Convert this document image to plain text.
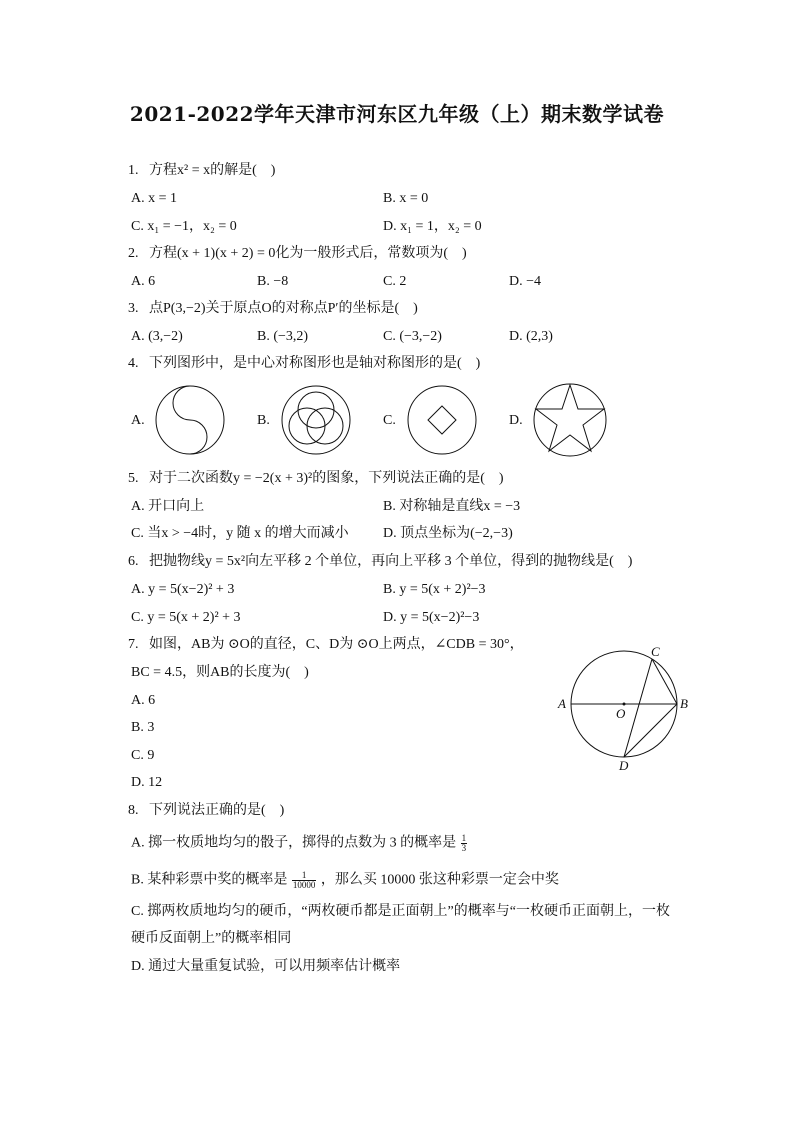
2021-2022学年天津市河东区九年级（上）期末数学试卷
1. 方程x² = x的解是(　)
A. x = 1	B. x = 0
C. x₁ = −1，x₂ = 0	D. x₁ = 1，x₂ = 0
2. 方程(x + 1)(x + 2) = 0化为一般形式后，常数项为(　)
A. 6	B. −8	C. 2	D. −4
3. 点P(3,−2)关于原点O的对称点P′的坐标是(　)
A. (3,−2)	B. (−3,2)	C. (−3,−2)	D. (2,3)
4. 下列图形中，是中心对称图形也是轴对称图形的是(　)
A.	B.	C.	D.
5. 对于二次函数y = −2(x + 3)²的图象，下列说法正确的是(　)
A. 开口向上	B. 对称轴是直线x = −3
C. 当x > −4时，y 随 x 的增大而减小 D. 顶点坐标为(−2,−3)
6. 把抛物线y = 5x²向左平移 2 个单位，再向上平移 3 个单位，得到的抛物线是(　)
A. y = 5(x−2)² + 3	B. y = 5(x + 2)²−3
C. y = 5(x + 2)² + 3	D. y = 5(x−2)²−3
7. 如图，AB为 ⊙O的直径，C、D为 ⊙O上两点，∠CDB = 30°，
BC = 4.5，则AB的长度为(　)
A. 6
B. 3
C. 9
D. 12
A	B
C
D
O
8. 下列说法正确的是(　)
A. 掷一枚质地均匀的骰子，掷得的点数为 3 的概率是 $\frac{1}{3}$
B. 某种彩票中奖的概率是 $\frac{1}{10000}$ ，那么买 10000 张这种彩票一定会中奖
C. 掷两枚质地均匀的硬币，“两枚硬币都是正面朝上”的概率与“一枚硬币正面朝上，一枚
硬币反面朝上”的概率相同
D. 通过大量重复试验，可以用频率估计概率
